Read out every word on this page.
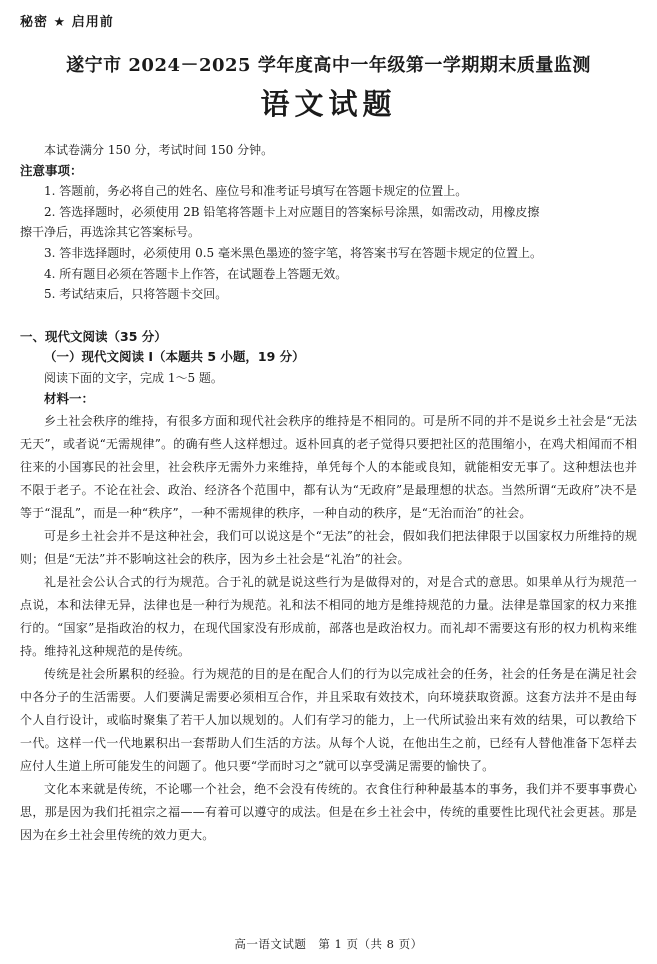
秘密 ★ 启用前
遂宁市 2024－2025 学年度高中一年级第一学期期末质量监测
语文试题
本试卷满分 150 分，考试时间 150 分钟。
注意事项：
1. 答题前，务必将自己的姓名、座位号和准考证号填写在答题卡规定的位置上。
2. 答选择题时，必须使用 2B 铅笔将答题卡上对应题目的答案标号涂黑，如需改动，用橡皮擦
擦干净后，再选涂其它答案标号。
3. 答非选择题时，必须使用 0.5 毫米黑色墨迹的签字笔，将答案书写在答题卡规定的位置上。
4. 所有题目必须在答题卡上作答，在试题卷上答题无效。
5. 考试结束后，只将答题卡交回。
一、现代文阅读（35 分）
（一）现代文阅读 Ⅰ（本题共 5 小题，19 分）
阅读下面的文字，完成 1～5 题。
材料一：

乡土社会秩序的维持，有很多方面和现代社会秩序的维持是不相同的。可是所不同的并不是说乡土社会是“无法无天”，或者说“无需规律”。的确有些人这样想过。返朴回真的老子觉得只要把社区的范围缩小，在鸡犬相闻而不相往来的小国寡民的社会里，社会秩序无需外力来维持，单凭每个人的本能或良知，就能相安无事了。这种想法也并不限于老子。不论在社会、政治、经济各个范围中，都有认为“无政府”是最理想的状态。当然所谓“无政府”决不是等于“混乱”，而是一种“秩序”，一种不需规律的秩序，一种自动的秩序，是“无治而治”的社会。

可是乡土社会并不是这种社会，我们可以说这是个“无法”的社会，假如我们把法律限于以国家权力所维持的规则；但是“无法”并不影响这社会的秩序，因为乡土社会是“礼治”的社会。

礼是社会公认合式的行为规范。合于礼的就是说这些行为是做得对的，对是合式的意思。如果单从行为规范一点说，本和法律无异，法律也是一种行为规范。礼和法不相同的地方是维持规范的力量。法律是靠国家的权力来推行的。“国家”是指政治的权力，在现代国家没有形成前，部落也是政治权力。而礼却不需要这有形的权力机构来维持。维持礼这种规范的是传统。

传统是社会所累积的经验。行为规范的目的是在配合人们的行为以完成社会的任务，社会的任务是在满足社会中各分子的生活需要。人们要满足需要必须相互合作，并且采取有效技术，向环境获取资源。这套方法并不是由每个人自行设计，或临时聚集了若干人加以规划的。人们有学习的能力，上一代所试验出来有效的结果，可以教给下一代。这样一代一代地累积出一套帮助人们生活的方法。从每个人说，在他出生之前，已经有人替他准备下怎样去应付人生道上所可能发生的问题了。他只要“学而时习之”就可以享受满足需要的愉快了。

文化本来就是传统，不论哪一个社会，绝不会没有传统的。衣食住行种种最基本的事务，我们并不要事事费心思，那是因为我们托祖宗之福——有着可以遵守的成法。但是在乡土社会中，传统的重要性比现代社会更甚。那是因为在乡土社会里传统的效力更大。

高一语文试题　第 1 页（共 8 页）
